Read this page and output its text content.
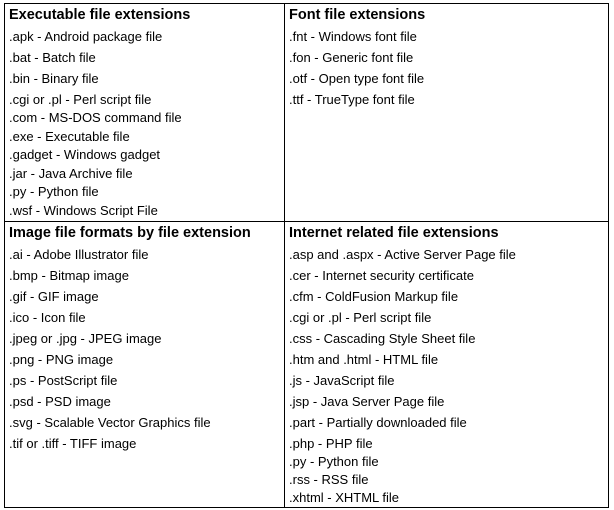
Executable file extensions
.apk - Android package file
.bat - Batch file
.bin - Binary file
.cgi or .pl - Perl script file
.com - MS-DOS command file
.exe - Executable file
.gadget - Windows gadget
.jar - Java Archive file
.py - Python file
.wsf - Windows Script File
Font file extensions
.fnt - Windows font file
.fon - Generic font file
.otf - Open type font file
.ttf - TrueType font file
Image file formats by file extension
.ai - Adobe Illustrator file
.bmp - Bitmap image
.gif - GIF image
.ico - Icon file
.jpeg or .jpg - JPEG image
.png - PNG image
.ps - PostScript file
.psd - PSD image
.svg - Scalable Vector Graphics file
.tif or .tiff - TIFF image
Internet related file extensions
.asp and .aspx - Active Server Page file
.cer - Internet security certificate
.cfm - ColdFusion Markup file
.cgi or .pl - Perl script file
.css - Cascading Style Sheet file
.htm and .html - HTML file
.js - JavaScript file
.jsp - Java Server Page file
.part - Partially downloaded file
.php - PHP file
.py - Python file
.rss - RSS file
.xhtml - XHTML file
